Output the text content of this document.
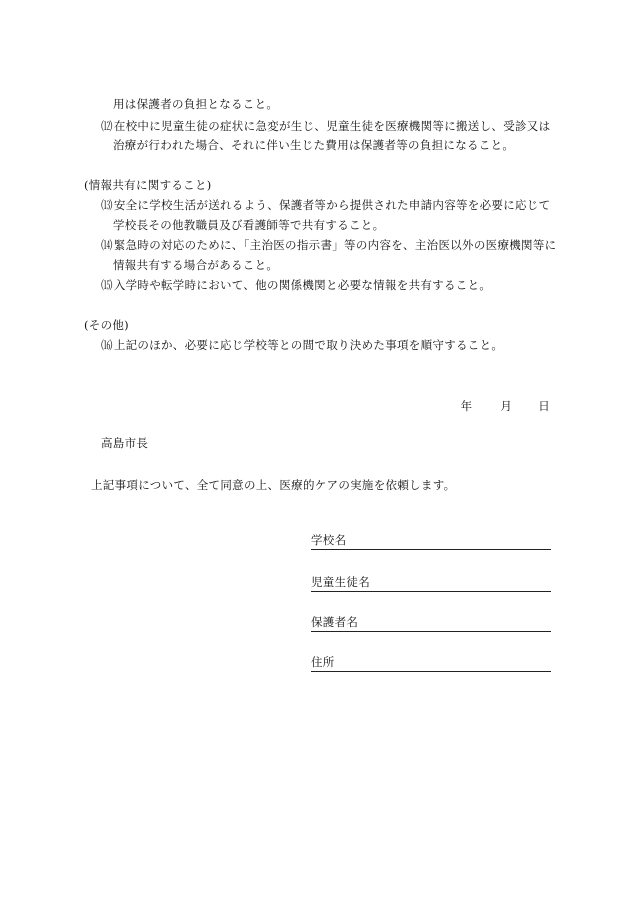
用は保護者の負担となること。
⑿在校中に児童生徒の症状に急変が生じ、児童生徒を医療機関等に搬送し、受診又は
治療が行われた場合、それに伴い生じた費用は保護者等の負担になること。
(情報共有に関すること)
⒀安全に学校生活が送れるよう、保護者等から提供された申請内容等を必要に応じて
学校長その他教職員及び看護師等で共有すること。
⒁緊急時の対応のために、「主治医の指示書」等の内容を、主治医以外の医療機関等に
情報共有する場合があること。
⒂入学時や転学時において、他の関係機関と必要な情報を共有すること。
(その他)
⒃上記のほか、必要に応じ学校等との間で取り決めた事項を順守すること。
年 月 日
高島市長
上記事項について、全て同意の上、医療的ケアの実施を依頼します。
学校名
児童生徒名
保護者名
住所
